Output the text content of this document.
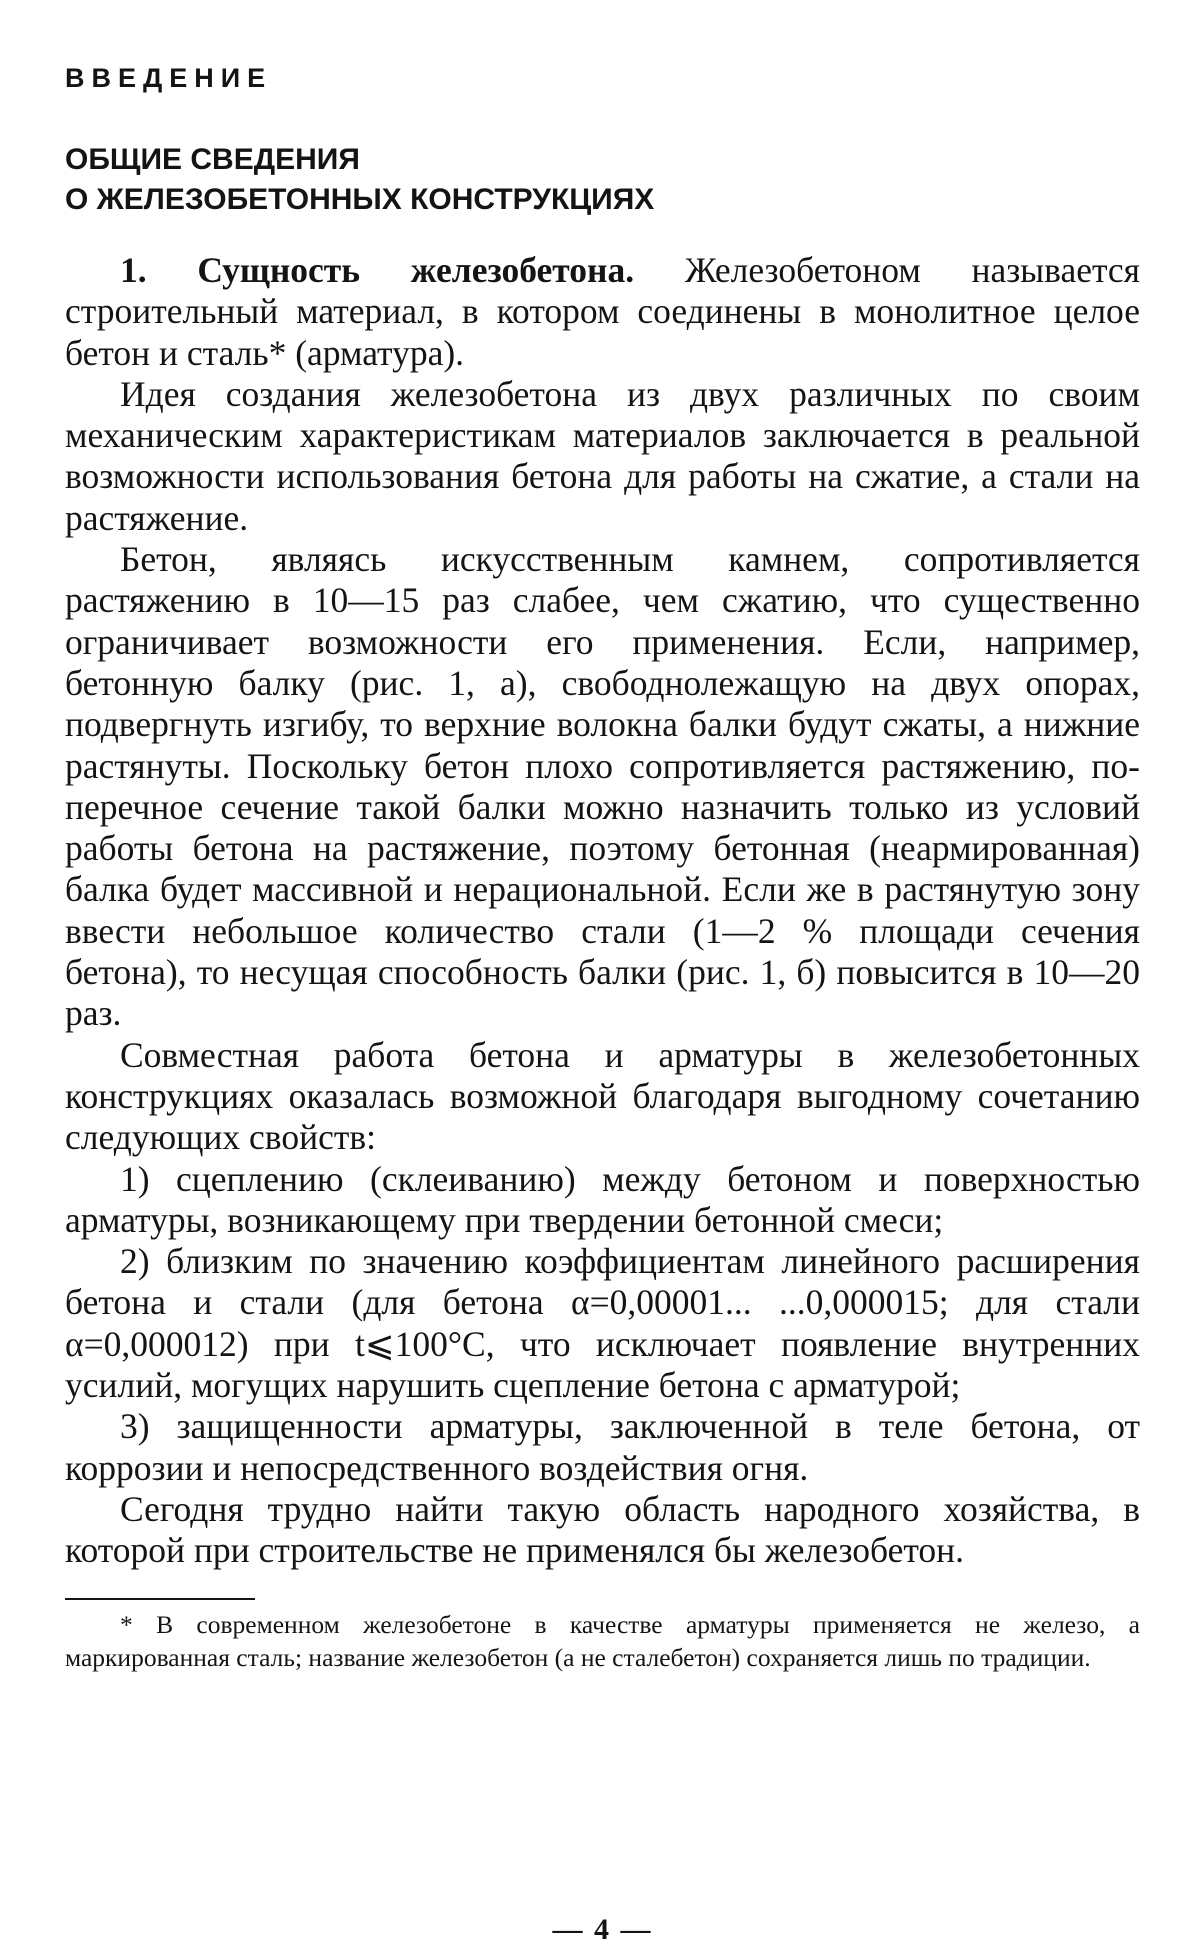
ВВЕДЕНИЕ
ОБЩИЕ СВЕДЕНИЯ
О ЖЕЛЕЗОБЕТОННЫХ КОНСТРУКЦИЯХ

1. Сущность железобетона. Железобетоном называется строительный материал, в котором соединены в монолитное целое бетон и сталь* (арматура).

Идея создания железобетона из двух различных по своим механическим характеристикам материалов заключается в реальной возможности использования бетона для работы на сжатие, а стали на растяжение.

Бетон, являясь искусственным камнем, сопротивляется растяжению в 10—15 раз слабее, чем сжатию, что существенно ограничивает возможности его применения. Если, например, бетонную балку (рис. 1, а), свободнолежащую на двух опорах, подвергнуть изгибу, то верхние волокна балки будут сжаты, а нижние растянуты. Поскольку бетон плохо сопротивляется растяжению, поперечное сечение такой балки можно назначить только из условий работы бетона на растяжение, поэтому бетонная (неармированная) балка будет массивной и нерациональной. Если же в растянутую зону ввести небольшое количество стали (1—2 % площади сечения бетона), то несущая способность балки (рис. 1, б) повысится в 10—20 раз.

Совместная работа бетона и арматуры в железобетонных конструкциях оказалась возможной благодаря выгодному сочетанию следующих свойств:

1) сцеплению (склеиванию) между бетоном и поверхностью арматуры, возникающему при твердении бетонной смеси;

2) близким по значению коэффициентам линейного расширения бетона и стали (для бетона α=0,00001... ...0,000015; для стали α=0,000012) при t⩽100°С, что исключает появление внутренних усилий, могущих нарушить сцепление бетона с арматурой;

3) защищенности арматуры, заключенной в теле бетона, от коррозии и непосредственного воздействия огня.

Сегодня трудно найти такую область народного хозяйства, в которой при строительстве не применялся бы железобетон.

* В современном железобетоне в качестве арматуры применяется не железо, а маркированная сталь; название железобетон (а не сталебетон) сохраняется лишь по традиции.

— 4 —
